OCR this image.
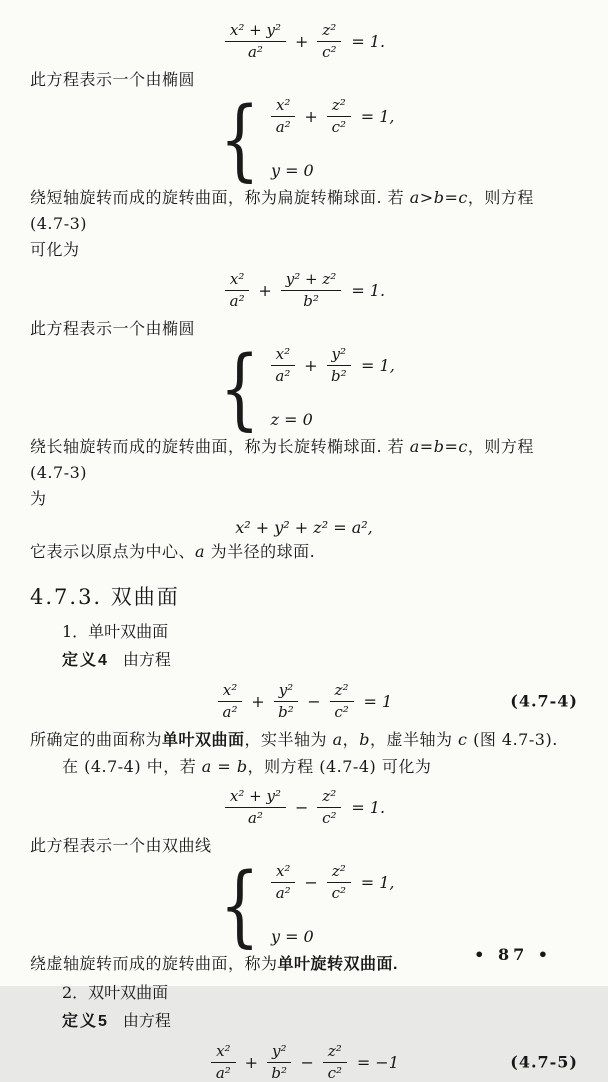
$\frac{\text{x² + y²}}{\text{a²}} + \frac{\text{z²}}{\text{c²}} = 1$.

此方程表示一个由椭圆

{ $\frac{\text{x²}}{\text{a²}} + \frac{\text{z²}}{\text{c²}} = 1$,
y = 0

绕短轴旋转而成的旋转曲面，称为扁旋转椭球面. 若 a>b=c，则方程 (4.7-3)

可化为

$\frac{\text{x²}}{\text{a²}} + \frac{\text{y² + z²}}{\text{b²}} = 1$.

此方程表示一个由椭圆

{ $\frac{\text{x²}}{\text{a²}} + \frac{\text{y²}}{\text{b²}} = 1$,
z = 0

绕长轴旋转而成的旋转曲面，称为长旋转椭球面. 若 a=b=c，则方程 (4.7-3)

为

x² + y² + z² = a²,

它表示以原点为中心、a 为半径的球面.

4.7.3. 双曲面

1．单叶双曲面

定义4 由方程

$\frac{\text{x²}}{\text{a²}} + \frac{\text{y²}}{\text{b²}} - \frac{\text{z²}}{\text{c²}} = 1$	(4.7-4)

所确定的曲面称为单叶双曲面，实半轴为 a，b，虚半轴为 c (图 4.7-3).

在 (4.7-4) 中，若 a = b，则方程 (4.7-4) 可化为

$\frac{\text{x² + y²}}{\text{a²}} - \frac{\text{z²}}{\text{c²}} = 1$.

此方程表示一个由双曲线

{ $\frac{\text{x²}}{\text{a²}} - \frac{\text{z²}}{\text{c²}} = 1$,
y = 0

绕虚轴旋转而成的旋转曲面，称为单叶旋转双曲面.

2．双叶双曲面

定义5 由方程

$\frac{\text{x²}}{\text{a²}} + \frac{\text{y²}}{\text{b²}} - \frac{\text{z²}}{\text{c²}} = -1$	(4.7-5)
• 87 •
